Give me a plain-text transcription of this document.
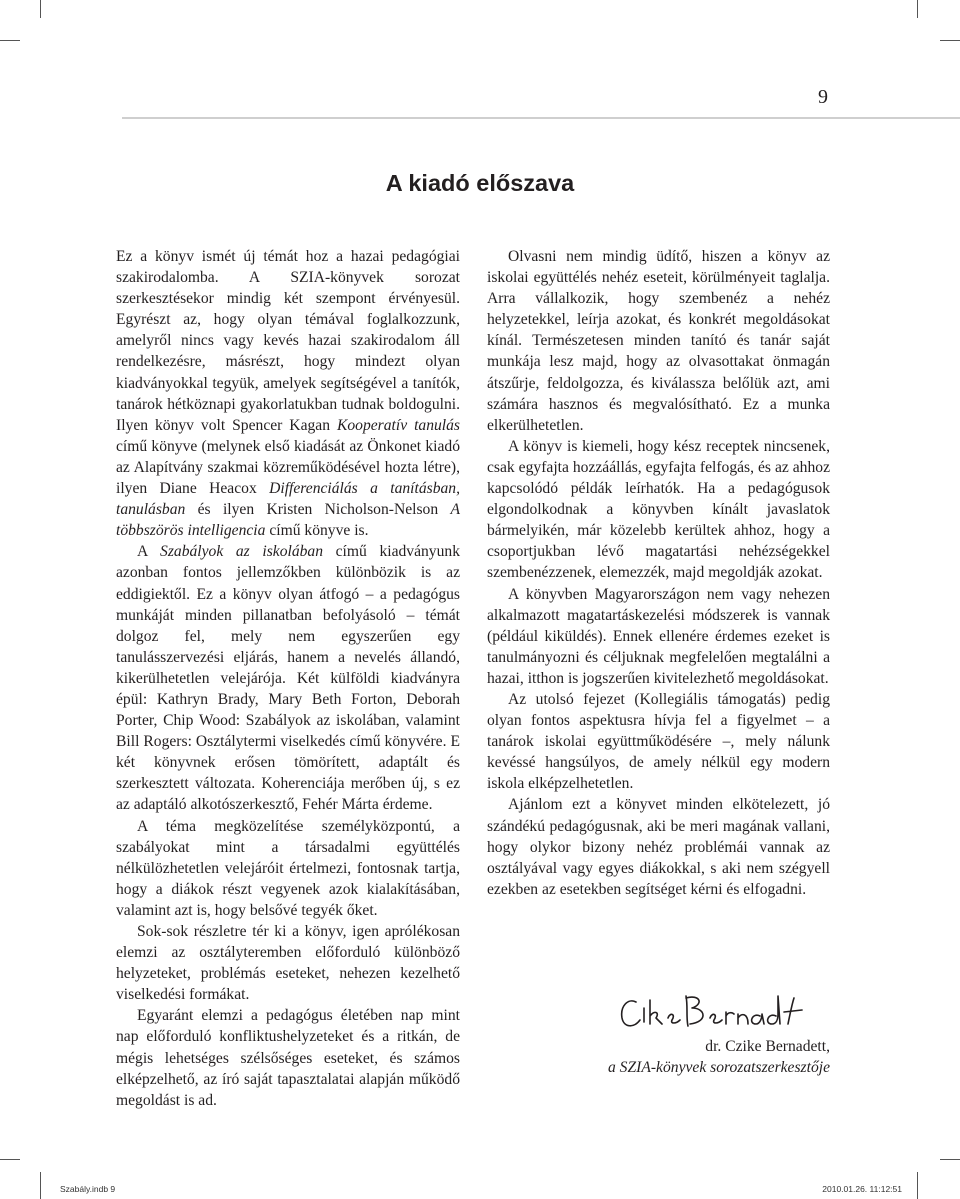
9
A kiadó előszava

Ez a könyv ismét új témát hoz a hazai pedagógiai szakirodalomba. A SZIA-könyvek sorozat szerkesztésekor mindig két szempont érvényesül. Egyrészt az, hogy olyan témával foglalkozzunk, amelyről nincs vagy kevés hazai szakirodalom áll rendelkezésre, másrészt, hogy mindezt olyan kiadványokkal tegyük, amelyek segítségével a tanítók, tanárok hétköznapi gyakorlatukban tudnak boldogulni. Ilyen könyv volt Spencer Kagan Kooperatív tanulás című könyve (melynek első kiadását az Önkonet kiadó az Alapítvány szakmai közreműködésével hozta létre), ilyen Diane Heacox Differenciálás a tanításban, tanulásban és ilyen Kristen Nicholson-Nelson A többszörös intelligencia című könyve is.

A Szabályok az iskolában című kiadványunk azonban fontos jellemzőkben különbözik is az eddigiektől. Ez a könyv olyan átfogó – a pedagógus munkáját minden pillanatban befolyásoló – témát dolgoz fel, mely nem egyszerűen egy tanulásszervezési eljárás, hanem a nevelés állandó, kikerülhetetlen velejárója. Két külföldi kiadványra épül: Kathryn Brady, Mary Beth Forton, Deborah Porter, Chip Wood: Szabályok az iskolában, valamint Bill Rogers: Osztálytermi viselkedés című könyvére. E két könyvnek erősen tömörített, adaptált és szerkesztett változata. Koherenciája merőben új, s ez az adaptáló alkotószerkesztő, Fehér Márta érdeme.

A téma megközelítése személyközpontú, a szabályokat mint a társadalmi együttélés nélkülözhetetlen velejáróit értelmezi, fontosnak tartja, hogy a diákok részt vegyenek azok kialakításában, valamint azt is, hogy belsővé tegyék őket.

Sok-sok részletre tér ki a könyv, igen aprólékosan elemzi az osztályteremben előforduló különböző helyzeteket, problémás eseteket, nehezen kezelhető viselkedési formákat.

Egyaránt elemzi a pedagógus életében nap mint nap előforduló konfliktushelyzeteket és a ritkán, de mégis lehetséges szélsőséges eseteket, és számos elképzelhető, az író saját tapasztalatai alapján működő megoldást is ad.

Olvasni nem mindig üdítő, hiszen a könyv az iskolai együttélés nehéz eseteit, körülményeit taglalja. Arra vállalkozik, hogy szembenéz a nehéz helyzetekkel, leírja azokat, és konkrét megoldásokat kínál. Természetesen minden tanító és tanár saját munkája lesz majd, hogy az olvasottakat önmagán átszűrje, feldolgozza, és kiválassza belőlük azt, ami számára hasznos és megvalósítható. Ez a munka elkerülhetetlen.

A könyv is kiemeli, hogy kész receptek nincsenek, csak egyfajta hozzáállás, egyfajta felfogás, és az ahhoz kapcsolódó példák leírhatók. Ha a pedagógusok elgondolkodnak a könyvben kínált javaslatok bármelyikén, már közelebb kerültek ahhoz, hogy a csoportjukban lévő magatartási nehézségekkel szembenézzenek, elemezzék, majd megoldják azokat.

A könyvben Magyarországon nem vagy nehezen alkalmazott magatartáskezelési módszerek is vannak (például kiküldés). Ennek ellenére érdemes ezeket is tanulmányozni és céljuknak megfelelően megtalálni a hazai, itthon is jogszerűen kivitelezhető megoldásokat.

Az utolsó fejezet (Kollegiális támogatás) pedig olyan fontos aspektusra hívja fel a figyelmet – a tanárok iskolai együttműködésére –, mely nálunk kevéssé hangsúlyos, de amely nélkül egy modern iskola elképzelhetetlen.

Ajánlom ezt a könyvet minden elkötelezett, jó szándékú pedagógusnak, aki be meri magának vallani, hogy olykor bizony nehéz problémái vannak az osztályával vagy egyes diákokkal, s aki nem szégyell ezekben az esetekben segítséget kérni és elfogadni.

dr. Czike Bernadett,
a SZIA-könyvek sorozatszerkesztője
Szabály.indb 9	2010.01.26. 11:12:51
